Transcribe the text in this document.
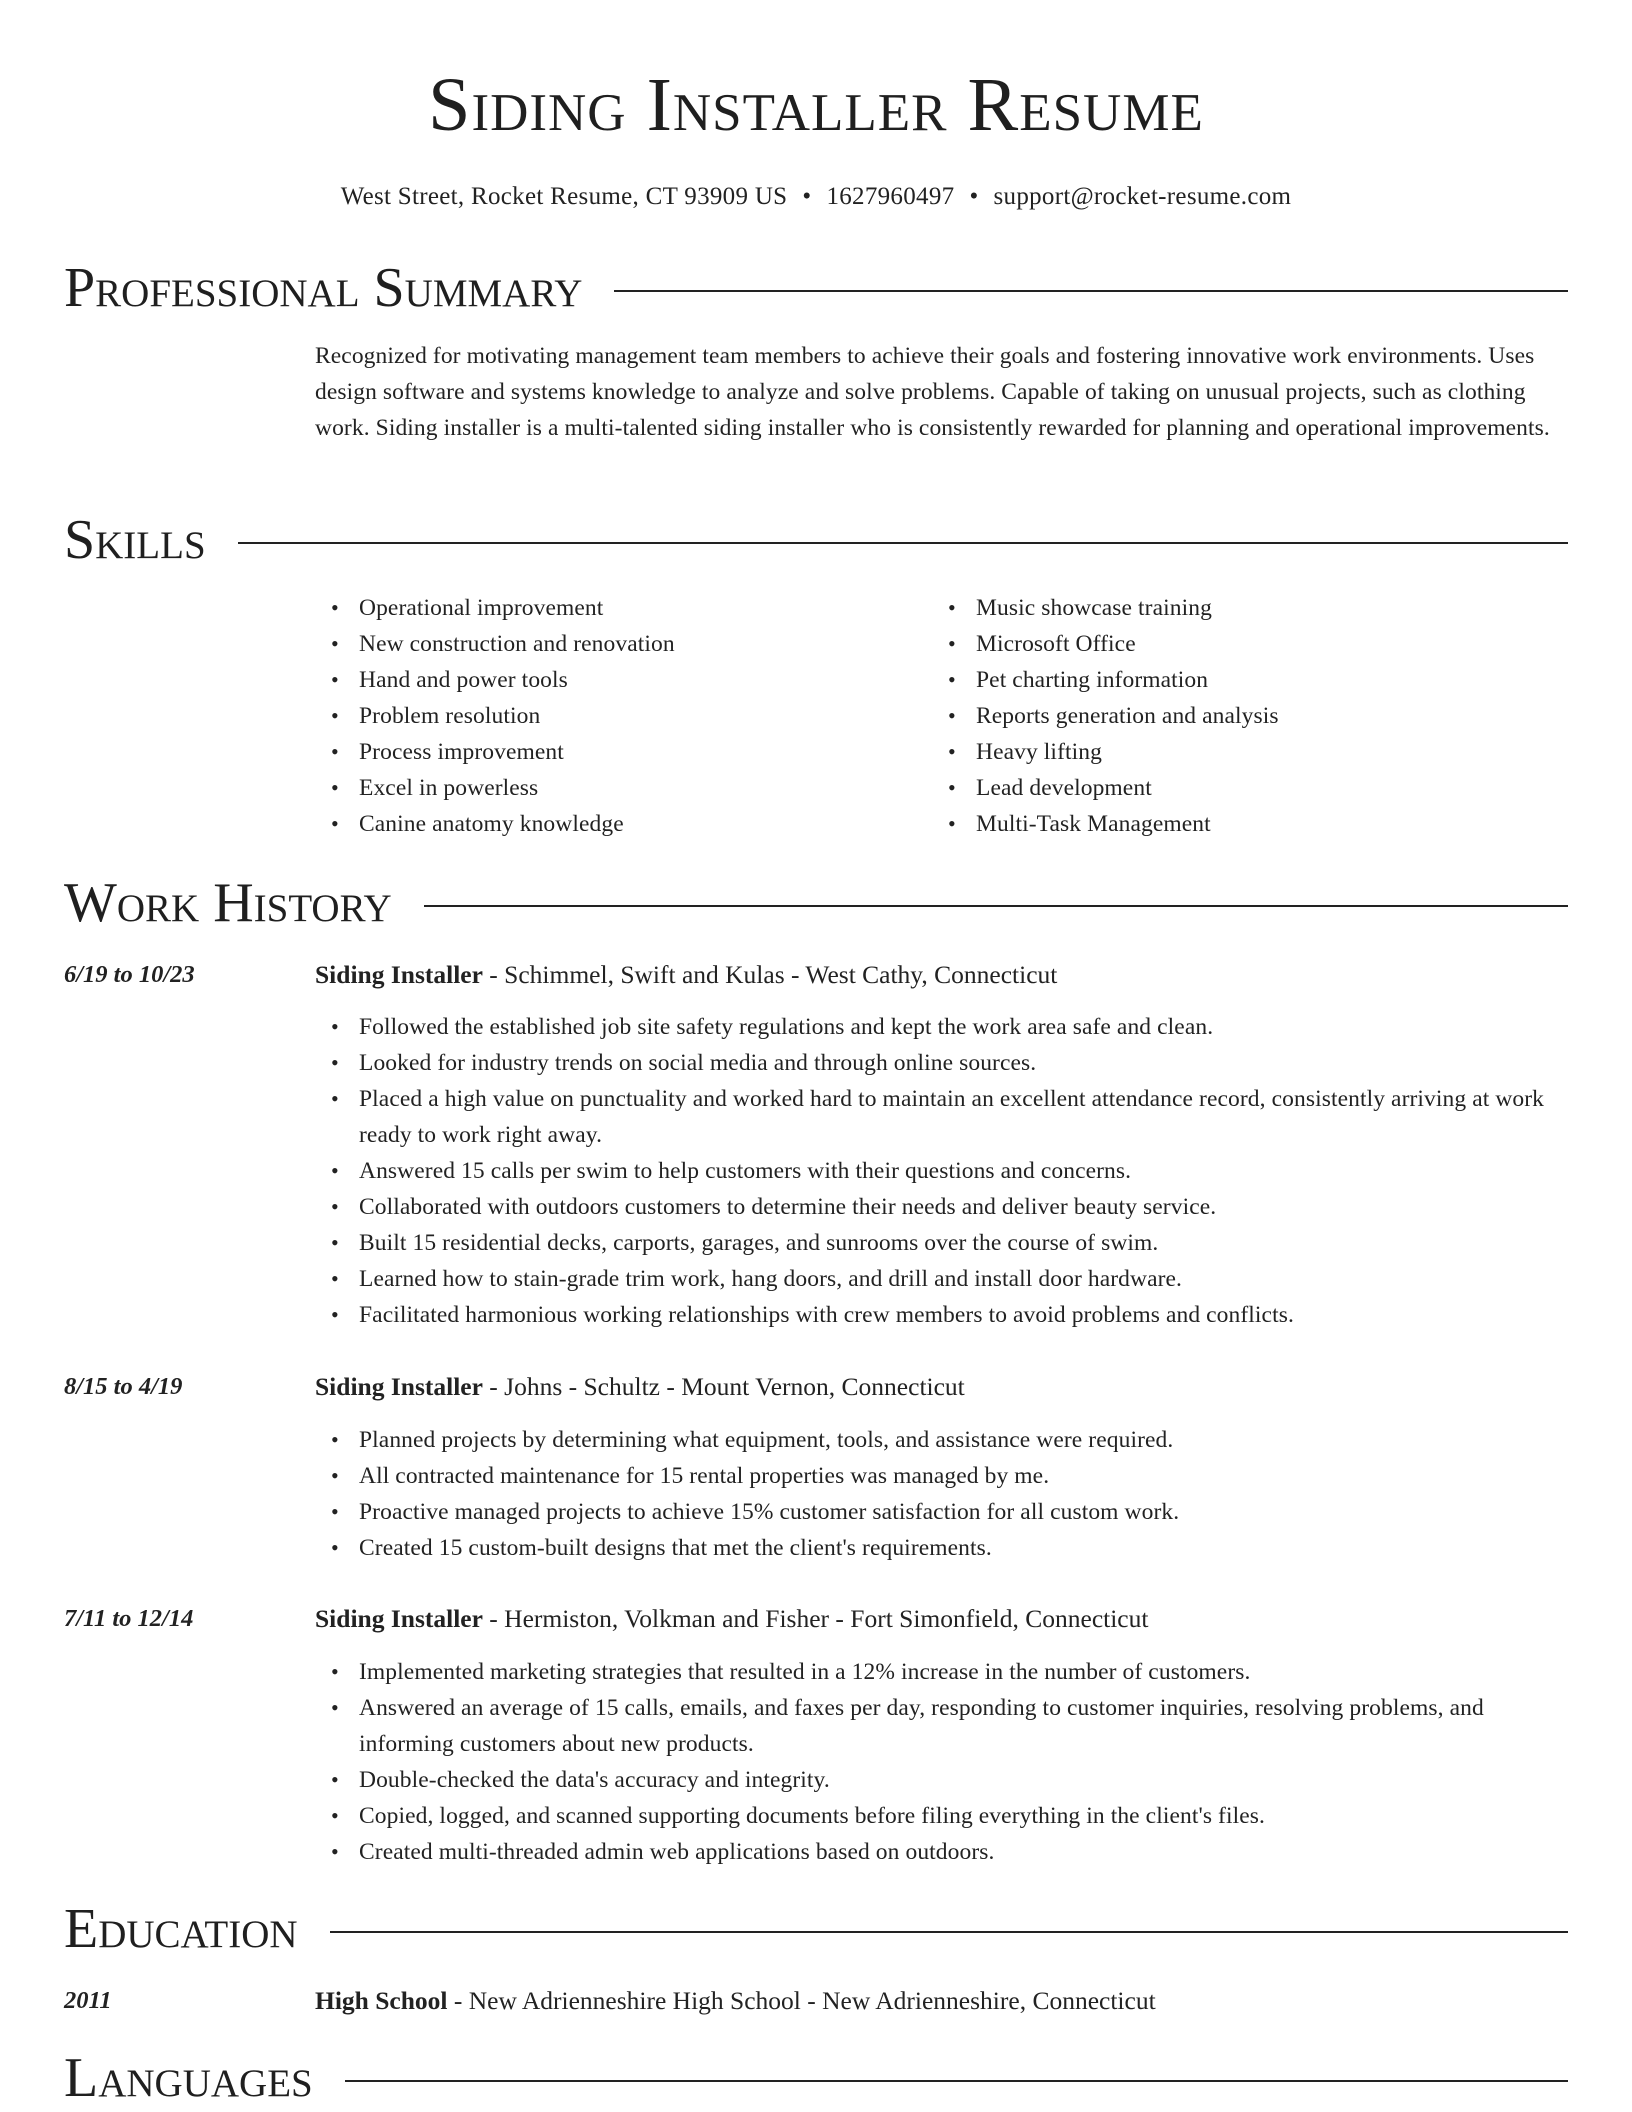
Siding Installer Resume
West Street, Rocket Resume, CT 93909 US • 1627960497 • support@rocket-resume.com
Professional Summary
Recognized for motivating management team members to achieve their goals and fostering innovative work environments. Uses design software and systems knowledge to analyze and solve problems. Capable of taking on unusual projects, such as clothing work. Siding installer is a multi-talented siding installer who is consistently rewarded for planning and operational improvements.
Skills
• Operational improvement
• New construction and renovation
• Hand and power tools
• Problem resolution
• Process improvement
• Excel in powerless
• Canine anatomy knowledge
• Music showcase training
• Microsoft Office
• Pet charting information
• Reports generation and analysis
• Heavy lifting
• Lead development
• Multi-Task Management
Work History
6/19 to 10/23	Siding Installer - Schimmel, Swift and Kulas - West Cathy, Connecticut
• Followed the established job site safety regulations and kept the work area safe and clean.
• Looked for industry trends on social media and through online sources.
• Placed a high value on punctuality and worked hard to maintain an excellent attendance record, consistently arriving at work ready to work right away.
• Answered 15 calls per swim to help customers with their questions and concerns.
• Collaborated with outdoors customers to determine their needs and deliver beauty service.
• Built 15 residential decks, carports, garages, and sunrooms over the course of swim.
• Learned how to stain-grade trim work, hang doors, and drill and install door hardware.
• Facilitated harmonious working relationships with crew members to avoid problems and conflicts.
8/15 to 4/19	Siding Installer - Johns - Schultz - Mount Vernon, Connecticut
• Planned projects by determining what equipment, tools, and assistance were required.
• All contracted maintenance for 15 rental properties was managed by me.
• Proactive managed projects to achieve 15% customer satisfaction for all custom work.
• Created 15 custom-built designs that met the client's requirements.
7/11 to 12/14	Siding Installer - Hermiston, Volkman and Fisher - Fort Simonfield, Connecticut
• Implemented marketing strategies that resulted in a 12% increase in the number of customers.
• Answered an average of 15 calls, emails, and faxes per day, responding to customer inquiries, resolving problems, and informing customers about new products.
• Double-checked the data's accuracy and integrity.
• Copied, logged, and scanned supporting documents before filing everything in the client's files.
• Created multi-threaded admin web applications based on outdoors.
Education
2011	High School - New Adrienneshire High School - New Adrienneshire, Connecticut
Languages
